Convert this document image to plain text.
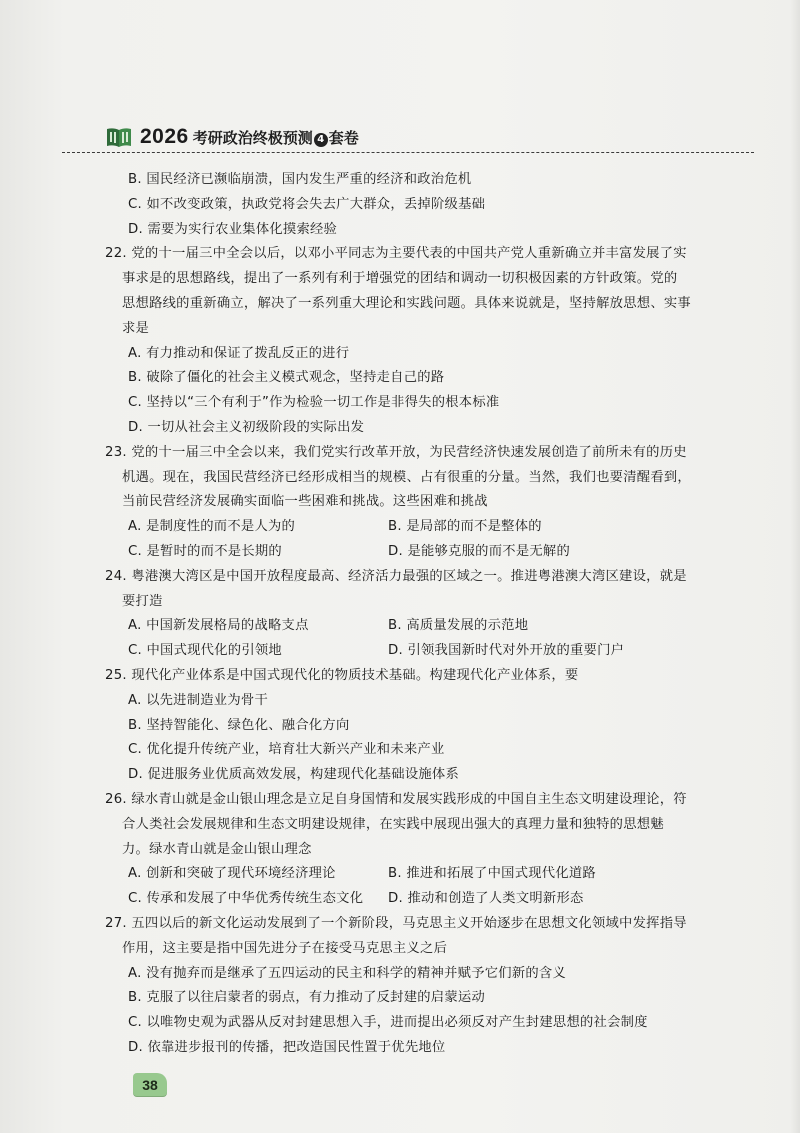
2026 考研政治终极预测 4 套卷
B. 国民经济已濒临崩溃，国内发生严重的经济和政治危机
C. 如不改变政策，执政党将会失去广大群众，丢掉阶级基础
D. 需要为实行农业集体化摸索经验
22. 党的十一届三中全会以后，以邓小平同志为主要代表的中国共产党人重新确立并丰富发展了实
事求是的思想路线，提出了一系列有利于增强党的团结和调动一切积极因素的方针政策。党的
思想路线的重新确立，解决了一系列重大理论和实践问题。具体来说就是，坚持解放思想、实事
求是
A. 有力推动和保证了拨乱反正的进行
B. 破除了僵化的社会主义模式观念，坚持走自己的路
C. 坚持以“三个有利于”作为检验一切工作是非得失的根本标准
D. 一切从社会主义初级阶段的实际出发
23. 党的十一届三中全会以来，我们党实行改革开放，为民营经济快速发展创造了前所未有的历史
机遇。现在，我国民营经济已经形成相当的规模、占有很重的分量。当然，我们也要清醒看到，
当前民营经济发展确实面临一些困难和挑战。这些困难和挑战
A. 是制度性的而不是人为的	B. 是局部的而不是整体的
C. 是暂时的而不是长期的	D. 是能够克服的而不是无解的
24. 粤港澳大湾区是中国开放程度最高、经济活力最强的区域之一。推进粤港澳大湾区建设，就是
要打造
A. 中国新发展格局的战略支点	B. 高质量发展的示范地
C. 中国式现代化的引领地	D. 引领我国新时代对外开放的重要门户
25. 现代化产业体系是中国式现代化的物质技术基础。构建现代化产业体系，要
A. 以先进制造业为骨干
B. 坚持智能化、绿色化、融合化方向
C. 优化提升传统产业，培育壮大新兴产业和未来产业
D. 促进服务业优质高效发展，构建现代化基础设施体系
26. 绿水青山就是金山银山理念是立足自身国情和发展实践形成的中国自主生态文明建设理论，符
合人类社会发展规律和生态文明建设规律，在实践中展现出强大的真理力量和独特的思想魅
力。绿水青山就是金山银山理念
A. 创新和突破了现代环境经济理论	B. 推进和拓展了中国式现代化道路
C. 传承和发展了中华优秀传统生态文化	D. 推动和创造了人类文明新形态
27. 五四以后的新文化运动发展到了一个新阶段，马克思主义开始逐步在思想文化领域中发挥指导
作用，这主要是指中国先进分子在接受马克思主义之后
A. 没有抛弃而是继承了五四运动的民主和科学的精神并赋予它们新的含义
B. 克服了以往启蒙者的弱点，有力推动了反封建的启蒙运动
C. 以唯物史观为武器从反对封建思想入手，进而提出必须反对产生封建思想的社会制度
D. 依靠进步报刊的传播，把改造国民性置于优先地位
38
